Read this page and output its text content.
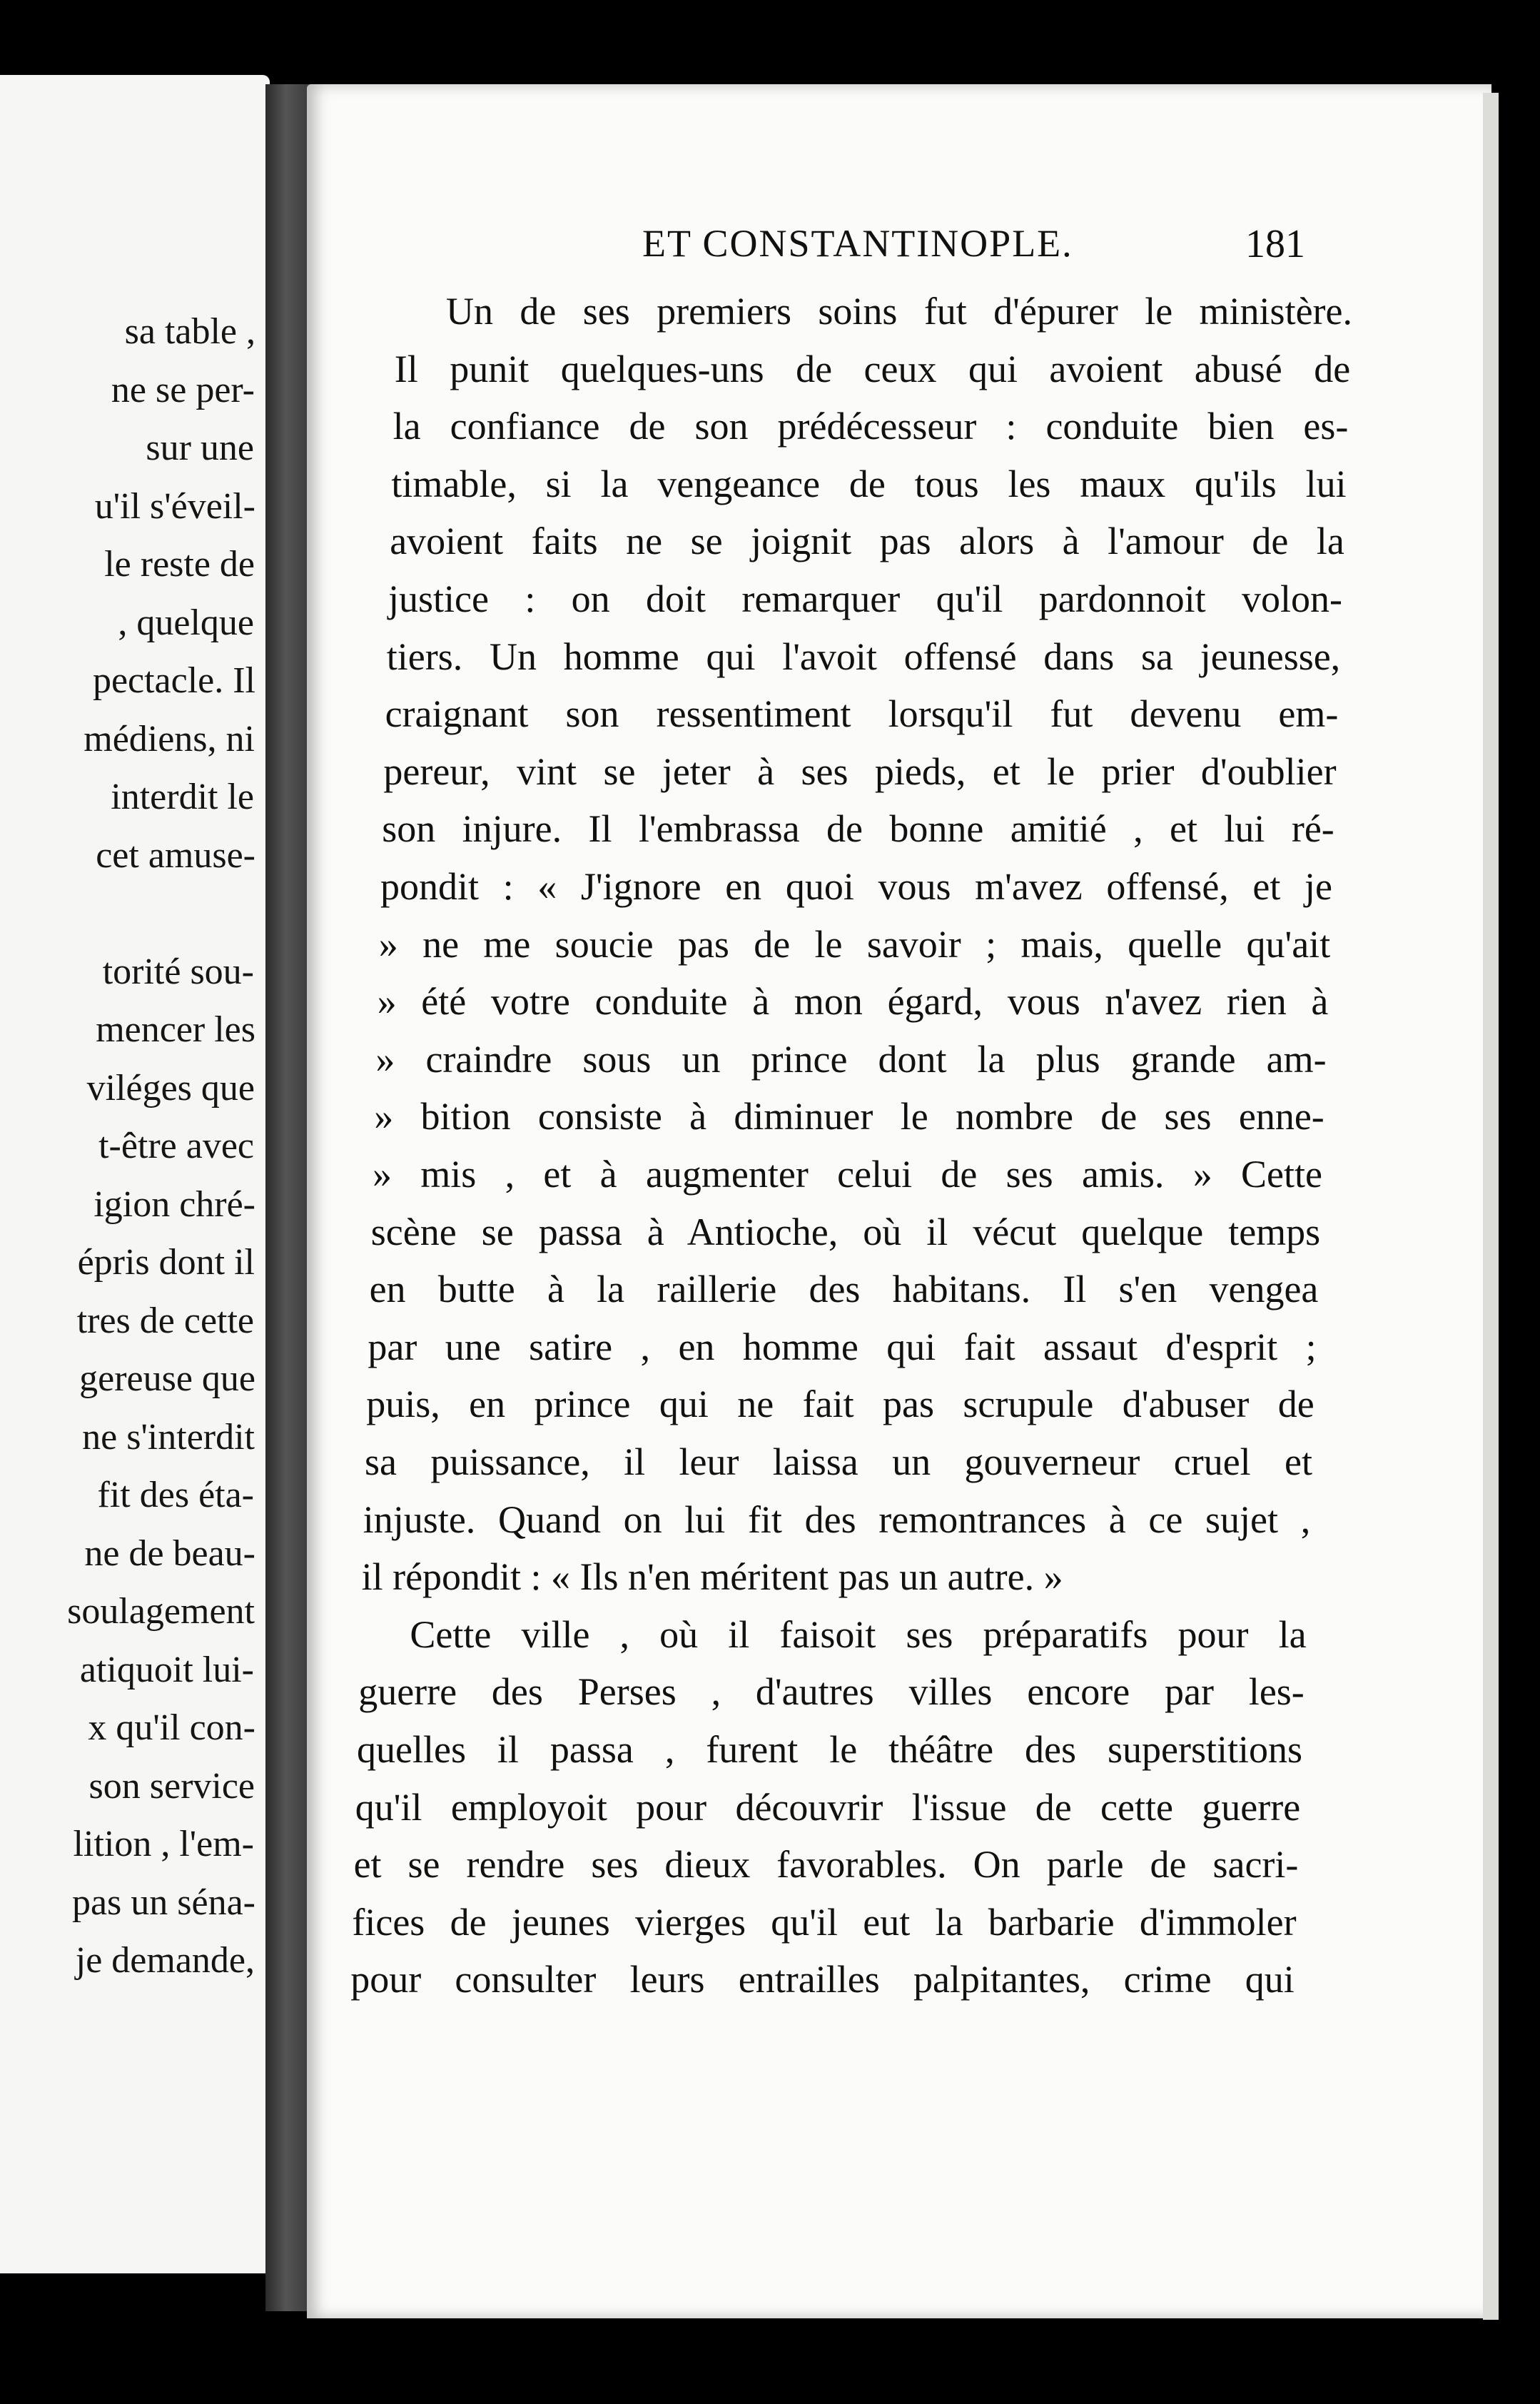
sa table ,
ne se per-
sur une
u'il s'éveil-
le reste de
, quelque
pectacle. Il
médiens, ni
interdit le
cet amuse-
torité sou-
mencer les
viléges que
t-être avec
igion chré-
épris dont il
tres de cette
gereuse que
ne s'interdit
fit des éta-
ne de beau-
soulagement
atiquoit lui-
x qu'il con-
son service
lition , l'em-
pas un séna-
je demande,
ET CONSTANTINOPLE.	181
Un de ses premiers soins fut d'épurer le ministère.
Il punit quelques-uns de ceux qui avoient abusé de
la confiance de son prédécesseur : conduite bien es-
timable, si la vengeance de tous les maux qu'ils lui
avoient faits ne se joignit pas alors à l'amour de la
justice : on doit remarquer qu'il pardonnoit volon-
tiers. Un homme qui l'avoit offensé dans sa jeunesse,
craignant son ressentiment lorsqu'il fut devenu em-
pereur, vint se jeter à ses pieds, et le prier d'oublier
son injure. Il l'embrassa de bonne amitié , et lui ré-
pondit : « J'ignore en quoi vous m'avez offensé, et je
» ne me soucie pas de le savoir ; mais, quelle qu'ait
» été votre conduite à mon égard, vous n'avez rien à
» craindre sous un prince dont la plus grande am-
» bition consiste à diminuer le nombre de ses enne-
» mis , et à augmenter celui de ses amis. » Cette
scène se passa à Antioche, où il vécut quelque temps
en butte à la raillerie des habitans. Il s'en vengea
par une satire , en homme qui fait assaut d'esprit ;
puis, en prince qui ne fait pas scrupule d'abuser de
sa puissance, il leur laissa un gouverneur cruel et
injuste. Quand on lui fit des remontrances à ce sujet ,
il répondit : « Ils n'en méritent pas un autre. »
Cette ville , où il faisoit ses préparatifs pour la
guerre des Perses , d'autres villes encore par les-
quelles il passa , furent le théâtre des superstitions
qu'il employoit pour découvrir l'issue de cette guerre
et se rendre ses dieux favorables. On parle de sacri-
fices de jeunes vierges qu'il eut la barbarie d'immoler
pour consulter leurs entrailles palpitantes, crime qui
